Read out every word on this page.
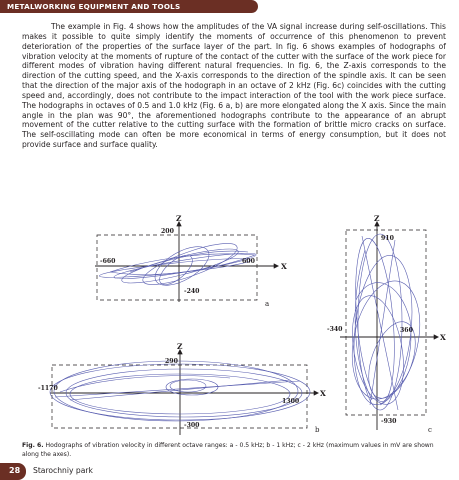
METALWORKING EQUIPMENT AND TOOLS

The example in Fig. 4 shows how the amplitudes of the VA signal increase during self-oscillations. This makes it possible to quite simply identify the moments of occurrence of this phenomenon to prevent deterioration of the properties of the surface layer of the part. In fig. 6 shows examples of hodographs of vibration velocity at the moments of rupture of the contact of the cutter with the surface of the work piece for different modes of vibration having different natural frequencies. In fig. 6, the Z-axis corresponds to the direction of the cutting speed, and the X-axis corresponds to the direction of the spindle axis. It can be seen that the direction of the major axis of the hodograph in an octave of 2 kHz (Fig. 6c) coincides with the cutting speed and, accordingly, does not contribute to the impact interaction of the tool with the work piece surface. The hodographs in octaves of 0.5 and 1.0 kHz (Fig. 6 a, b) are more elongated along the X axis. Since the main angle in the plan was 90°, the aforementioned hodographs contribute to the appearance of an abrupt movement of the cutter relative to the cutting surface with the formation of brittle micro cracks on surface. The self-oscillating mode can often be more economical in terms of energy consumption, but it does not provide surface and surface quality.

Z
X
200
-240
-660	600
a
Z
X
290
-300
-1170
1300
b
Z
X
910
-930
-340	360
c

Fig. 6. Hodographs of vibration velocity in different octave ranges: a - 0.5 kHz; b - 1 kHz; c - 2 kHz (maximum values in mV are shown along the axes).

28 Starochniy park
